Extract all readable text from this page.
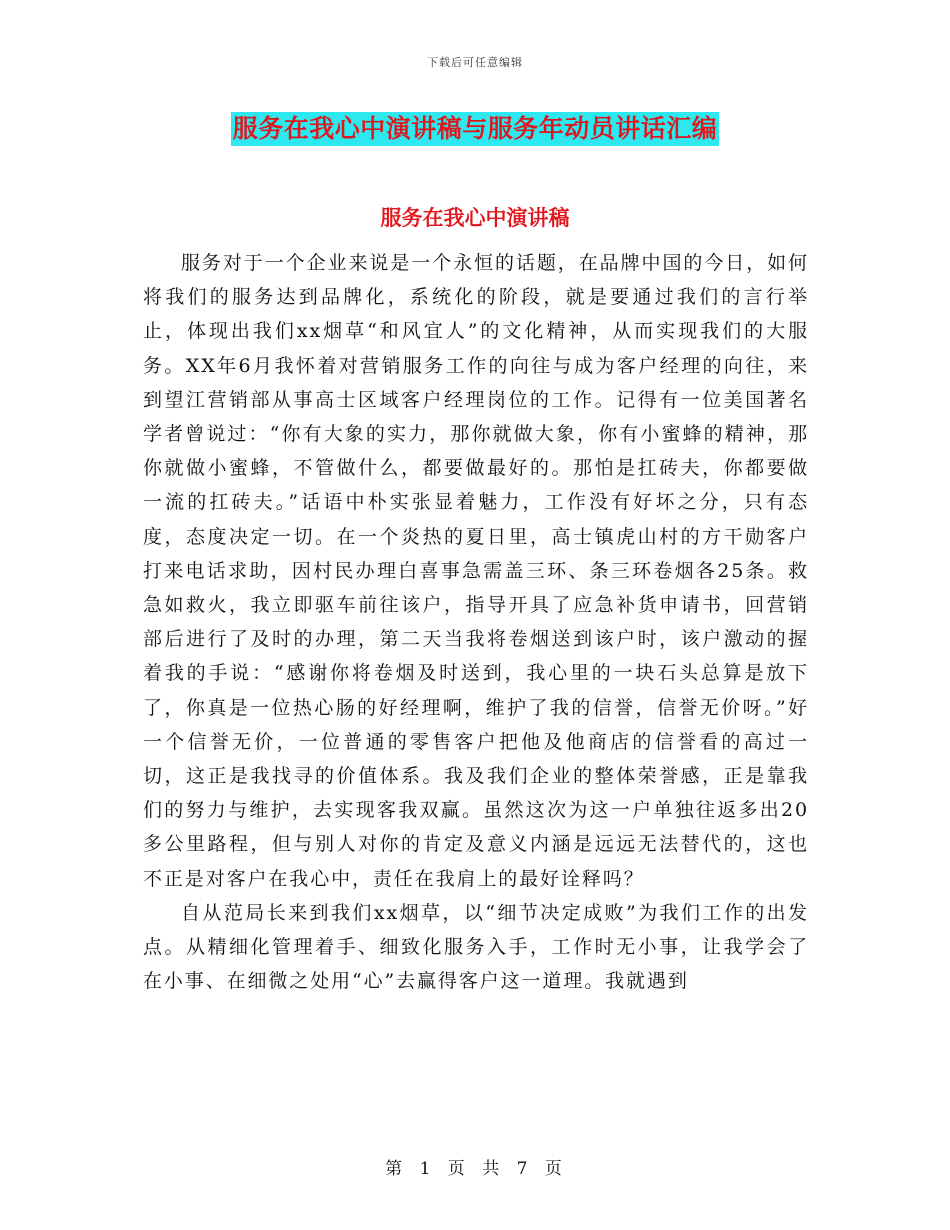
下载后可任意编辑
服务在我心中演讲稿与服务年动员讲话汇编
服务在我心中演讲稿

服务对于一个企业来说是一个永恒的话题，在品牌中国的今日，如何将我们的服务达到品牌化，系统化的阶段，就是要通过我们的言行举止，体现出我们xx烟草“和风宜人”的文化精神，从而实现我们的大服务。XX年6月我怀着对营销服务工作的向往与成为客户经理的向往，来到望江营销部从事高士区域客户经理岗位的工作。记得有一位美国著名学者曾说过：“你有大象的实力，那你就做大象，你有小蜜蜂的精神，那你就做小蜜蜂，不管做什么，都要做最好的。那怕是扛砖夫，你都要做一流的扛砖夫。”话语中朴实张显着魅力，工作没有好坏之分，只有态度，态度决定一切。在一个炎热的夏日里，高士镇虎山村的方干勋客户打来电话求助，因村民办理白喜事急需盖三环、条三环卷烟各25条。救急如救火，我立即驱车前往该户，指导开具了应急补货申请书，回营销部后进行了及时的办理，第二天当我将卷烟送到该户时，该户激动的握着我的手说：“感谢你将卷烟及时送到，我心里的一块石头总算是放下了，你真是一位热心肠的好经理啊，维护了我的信誉，信誉无价呀。”好一个信誉无价，一位普通的零售客户把他及他商店的信誉看的高过一切，这正是我找寻的价值体系。我及我们企业的整体荣誉感，正是靠我们的努力与维护，去实现客我双赢。虽然这次为这一户单独往返多出20多公里路程，但与别人对你的肯定及意义内涵是远远无法替代的，这也不正是对客户在我心中，责任在我肩上的最好诠释吗？

自从范局长来到我们xx烟草，以“细节决定成败”为我们工作的出发点。从精细化管理着手、细致化服务入手，工作时无小事，让我学会了在小事、在细微之处用“心”去赢得客户这一道理。我就遇到

第 1 页 共 7 页
